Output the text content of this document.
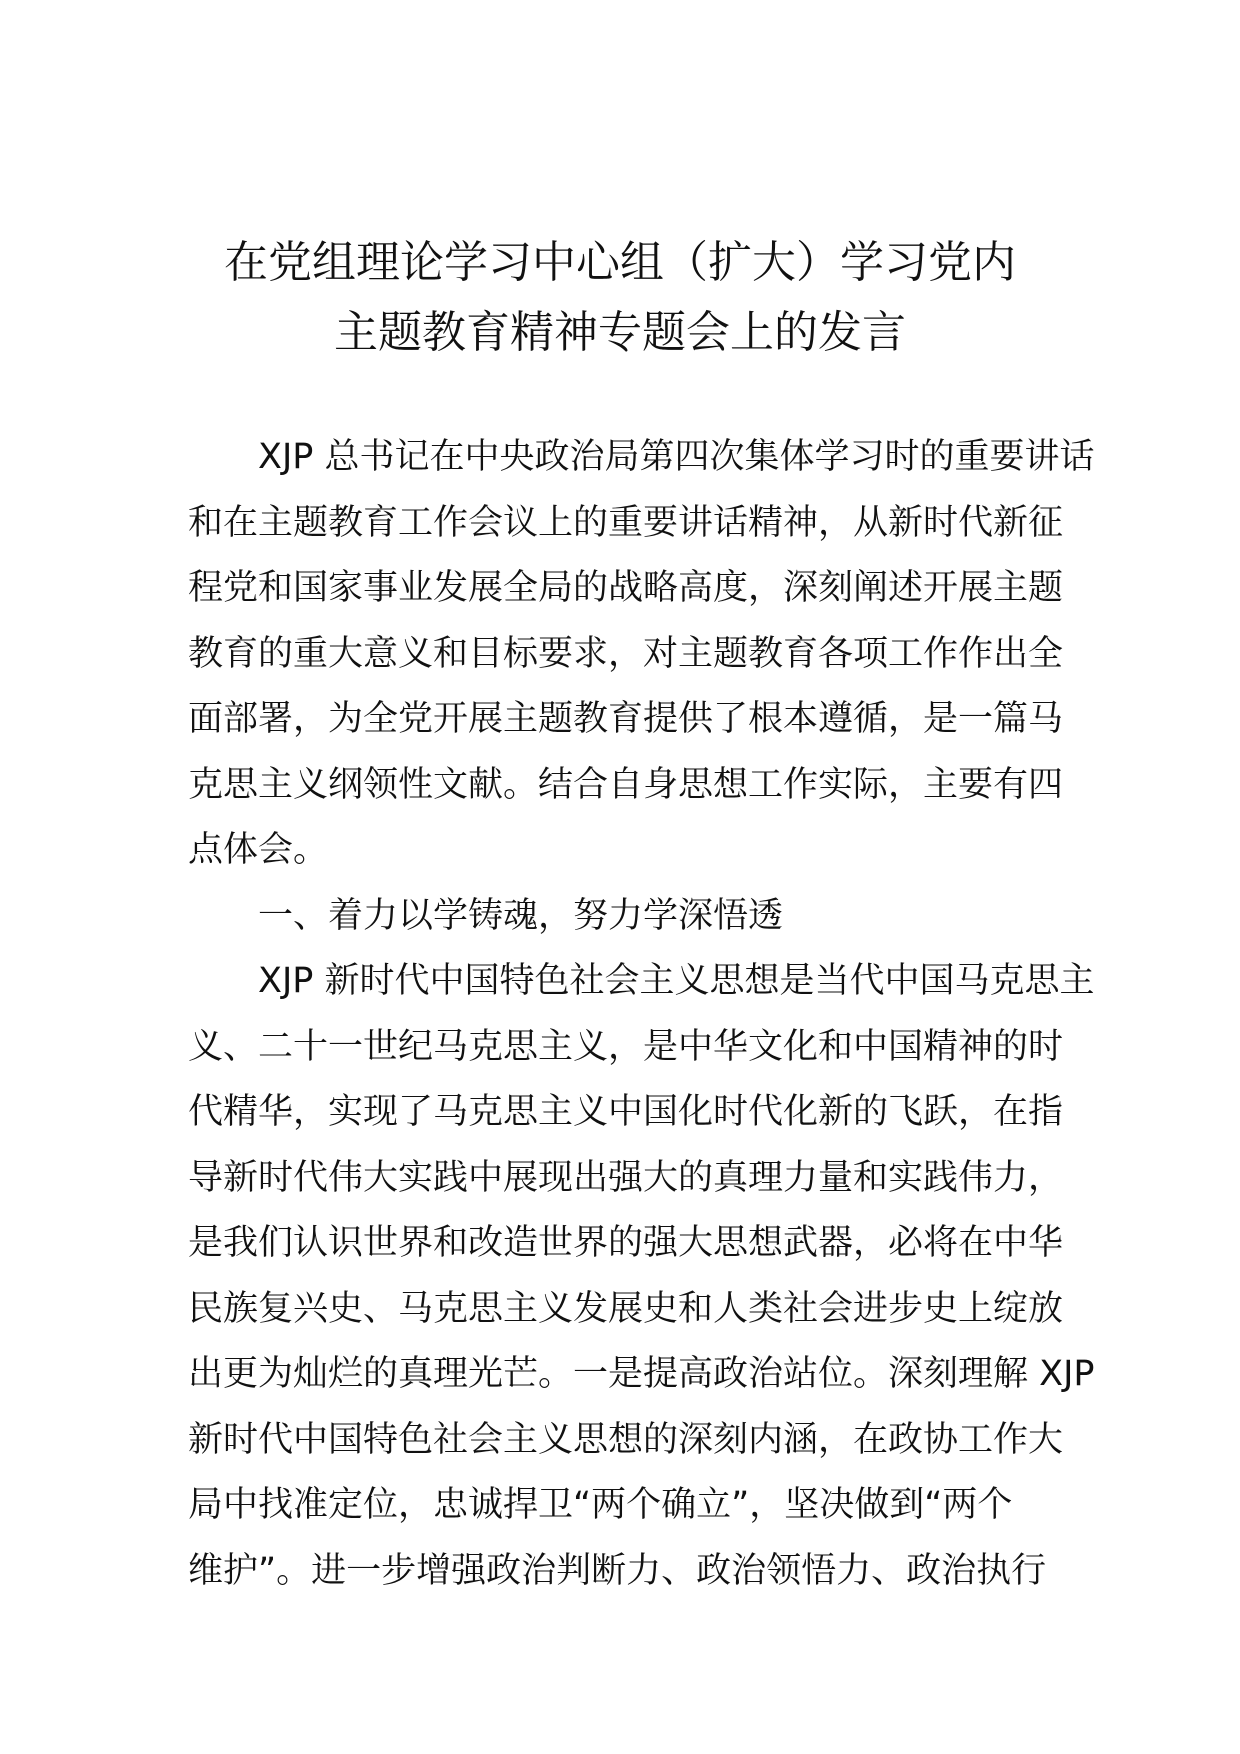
在党组理论学习中心组（扩大）学习党内
主题教育精神专题会上的发言
XJP 总书记在中央政治局第四次集体学习时的重要讲话
和在主题教育工作会议上的重要讲话精神，从新时代新征
程党和国家事业发展全局的战略高度，深刻阐述开展主题
教育的重大意义和目标要求，对主题教育各项工作作出全
面部署，为全党开展主题教育提供了根本遵循，是一篇马
克思主义纲领性文献。结合自身思想工作实际，主要有四
点体会。
一、着力以学铸魂，努力学深悟透
XJP 新时代中国特色社会主义思想是当代中国马克思主
义、二十一世纪马克思主义，是中华文化和中国精神的时
代精华，实现了马克思主义中国化时代化新的飞跃，在指
导新时代伟大实践中展现出强大的真理力量和实践伟力，
是我们认识世界和改造世界的强大思想武器，必将在中华
民族复兴史、马克思主义发展史和人类社会进步史上绽放
出更为灿烂的真理光芒。一是提高政治站位。深刻理解 XJP
新时代中国特色社会主义思想的深刻内涵，在政协工作大
局中找准定位，忠诚捍卫“两个确立”，坚决做到“两个
维护”。进一步增强政治判断力、政治领悟力、政治执行
